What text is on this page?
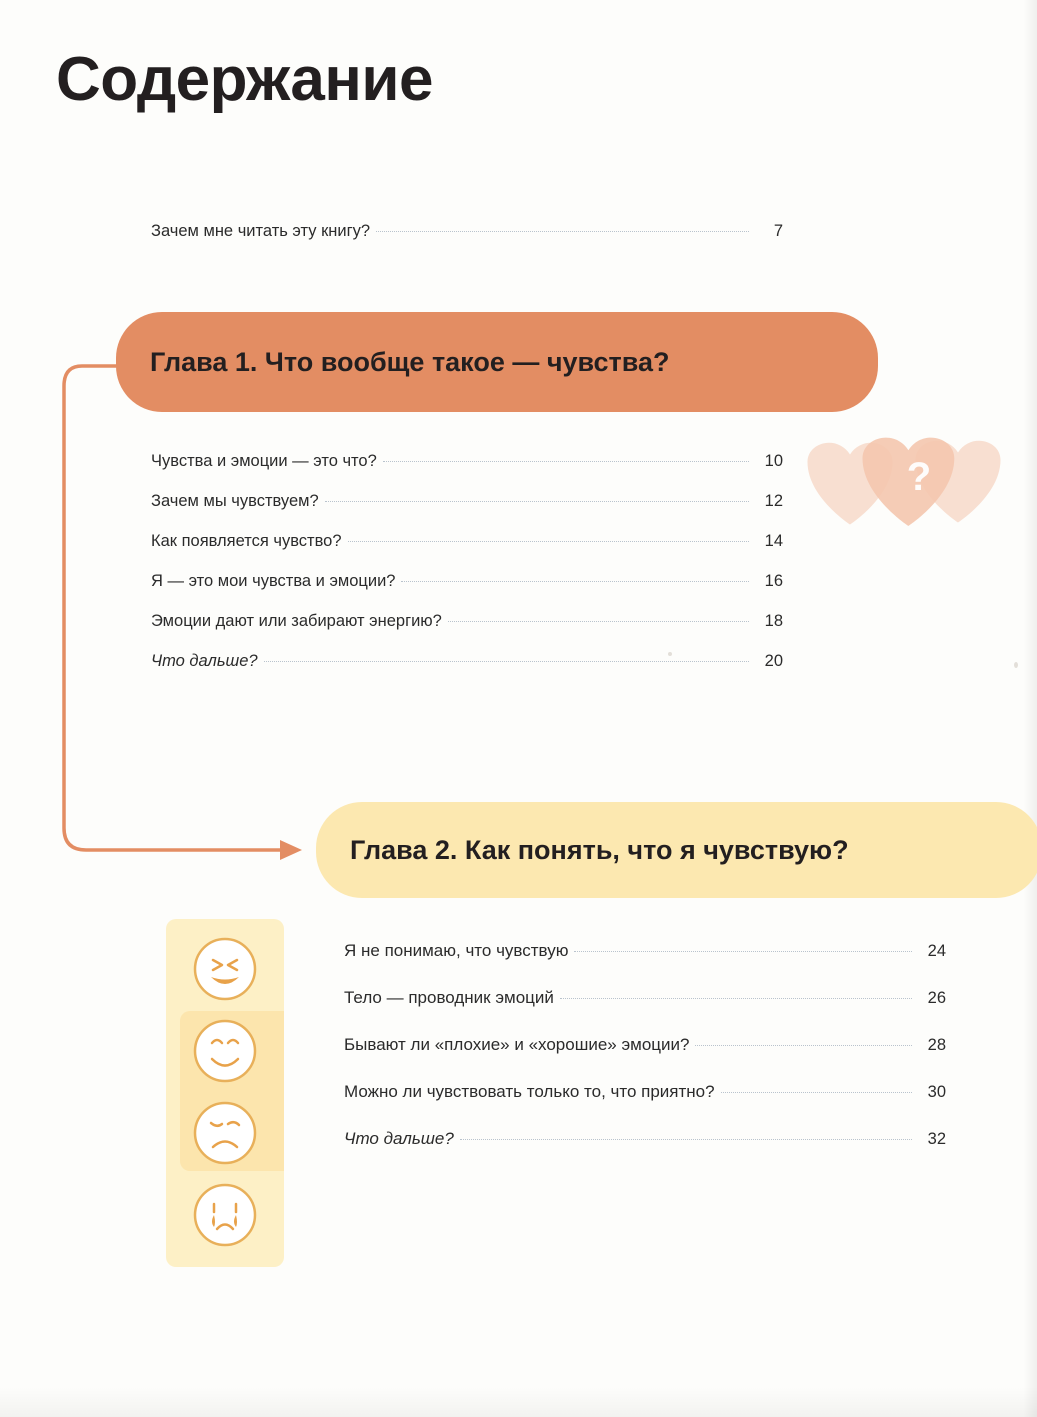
Содержание
Зачем мне читать эту книгу?	7
?
Глава 1. Что вообще такое — чувства?
Чувства и эмоции — это что?	10
Зачем мы чувствуем?	12
Как появляется чувство?	14
Я — это мои чувства и эмоции?	16
Эмоции дают или забирают энергию?	18
Что дальше?	20
Глава 2. Как понять, что я чувствую?
Я не понимаю, что чувствую	24
Тело — проводник эмоций	26
Бывают ли «плохие» и «хорошие» эмоции?	28
Можно ли чувствовать только то, что приятно?	30
Что дальше?	32
